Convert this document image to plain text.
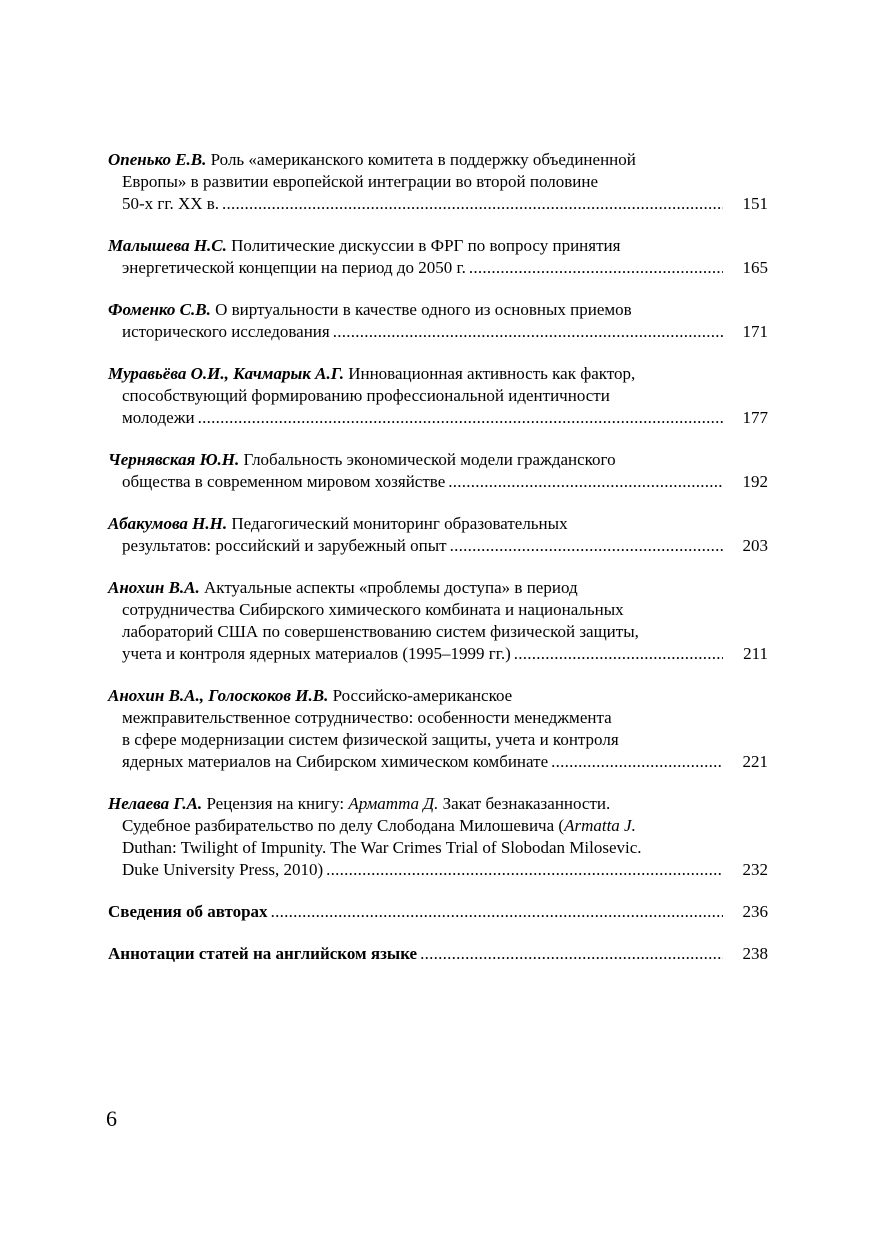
Опенько Е.В. Роль «американского комитета в поддержку объединенной
Европы» в развитии европейской интеграции во второй половине
50-х гг. XX в. . . .	151
Малышева Н.С. Политические дискуссии в ФРГ по вопросу принятия
энергетической концепции на период до 2050 г. . . .	165
Фоменко С.В. О виртуальности в качестве одного из основных приемов
исторического исследования . . .	171
Муравьёва О.И., Качмарык А.Г. Инновационная активность как фактор,
способствующий формированию профессиональной идентичности
молодежи . . .	177
Чернявская Ю.Н. Глобальность экономической модели гражданского
общества в современном мировом хозяйстве . . .	192
Абакумова Н.Н. Педагогический мониторинг образовательных
результатов: российский и зарубежный опыт . . .	203
Анохин В.А. Актуальные аспекты «проблемы доступа» в период
сотрудничества Сибирского химического комбината и национальных
лабораторий США по совершенствованию систем физической защиты,
учета и контроля ядерных материалов (1995–1999 гг.) . . .	211
Анохин В.А., Голоскоков И.В. Российско-американское
межправительственное сотрудничество: особенности менеджмента
в сфере модернизации систем физической защиты, учета и контроля
ядерных материалов на Сибирском химическом комбинате . . .	221
Нелаева Г.А. Рецензия на книгу: Арматта Д. Закат безнаказанности.
Судебное разбирательство по делу Слободана Милошевича (Armatta J.
Duthan: Twilight of Impunity. The War Crimes Trial of Slobodan Milosevic.
Duke University Press, 2010) . . .	232
Сведения об авторах . . .	236
Аннотации статей на английском языке . . .	238
6
